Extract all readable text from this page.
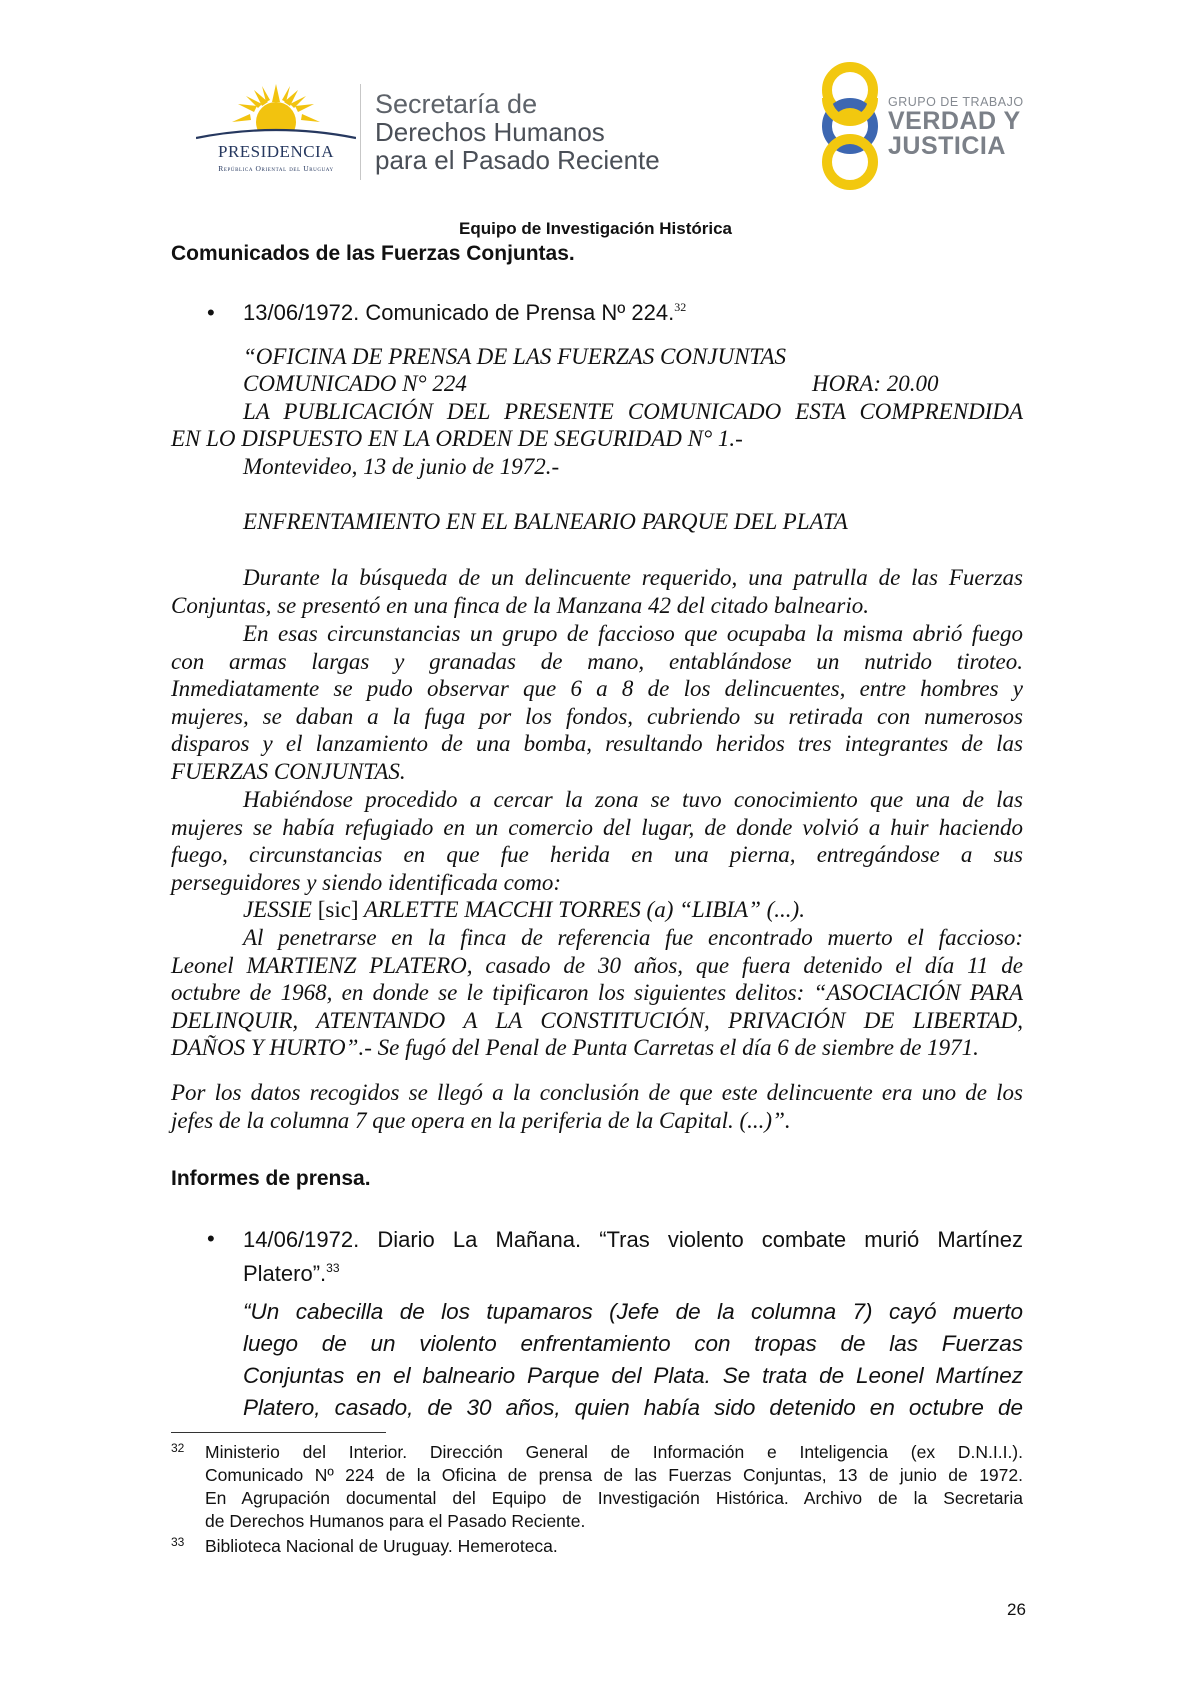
PRESIDENCIA
República Oriental del Uruguay
Secretaría de
Derechos Humanos
para el Pasado Reciente
GRUPO DE TRABAJO
VERDAD Y
JUSTICIA
Equipo de Investigación Histórica
Comunicados de las Fuerzas Conjuntas.
• 13/06/1972. Comunicado de Prensa Nº 224.32
“OFICINA DE PRENSA DE LAS FUERZAS CONJUNTAS
COMUNICADO N° 224	HORA: 20.00
LA PUBLICACIÓN DEL PRESENTE COMUNICADO ESTA COMPRENDIDA
EN LO DISPUESTO EN LA ORDEN DE SEGURIDAD N° 1.-
Montevideo, 13 de junio de 1972.-
ENFRENTAMIENTO EN EL BALNEARIO PARQUE DEL PLATA
Durante la búsqueda de un delincuente requerido, una patrulla de las Fuerzas
Conjuntas, se presentó en una finca de la Manzana 42 del citado balneario.
En esas circunstancias un grupo de faccioso que ocupaba la misma abrió fuego
con armas largas y granadas de mano, entablándose un nutrido tiroteo.
Inmediatamente se pudo observar que 6 a 8 de los delincuentes, entre hombres y
mujeres, se daban a la fuga por los fondos, cubriendo su retirada con numerosos
disparos y el lanzamiento de una bomba, resultando heridos tres integrantes de las
FUERZAS CONJUNTAS.
Habiéndose procedido a cercar la zona se tuvo conocimiento que una de las
mujeres se había refugiado en un comercio del lugar, de donde volvió a huir haciendo
fuego, circunstancias en que fue herida en una pierna, entregándose a sus
perseguidores y siendo identificada como:
JESSIE [sic] ARLETTE MACCHI TORRES (a) “LIBIA” (...).
Al penetrarse en la finca de referencia fue encontrado muerto el faccioso:
Leonel MARTIENZ PLATERO, casado de 30 años, que fuera detenido el día 11 de
octubre de 1968, en donde se le tipificaron los siguientes delitos: “ASOCIACIÓN PARA
DELINQUIR, ATENTANDO A LA CONSTITUCIÓN, PRIVACIÓN DE LIBERTAD,
DAÑOS Y HURTO”.- Se fugó del Penal de Punta Carretas el día 6 de siembre de 1971.
Por los datos recogidos se llegó a la conclusión de que este delincuente era uno de los
jefes de la columna 7 que opera en la periferia de la Capital. (...)”.
Informes de prensa.
• 14/06/1972. Diario La Mañana. “Tras violento combate murió Martínez
Platero”.$^{33}$
“Un cabecilla de los tupamaros (Jefe de la columna 7) cayó muerto
luego de un violento enfrentamiento con tropas de las Fuerzas
Conjuntas en el balneario Parque del Plata. Se trata de Leonel Martínez
Platero, casado, de 30 años, quien había sido detenido en octubre de
32 Ministerio del Interior. Dirección General de Información e Inteligencia (ex D.N.I.I.).
Comunicado Nº 224 de la Oficina de prensa de las Fuerzas Conjuntas, 13 de junio de 1972.
En Agrupación documental del Equipo de Investigación Histórica. Archivo de la Secretaria
de Derechos Humanos para el Pasado Reciente.
33 Biblioteca Nacional de Uruguay. Hemeroteca.
26
